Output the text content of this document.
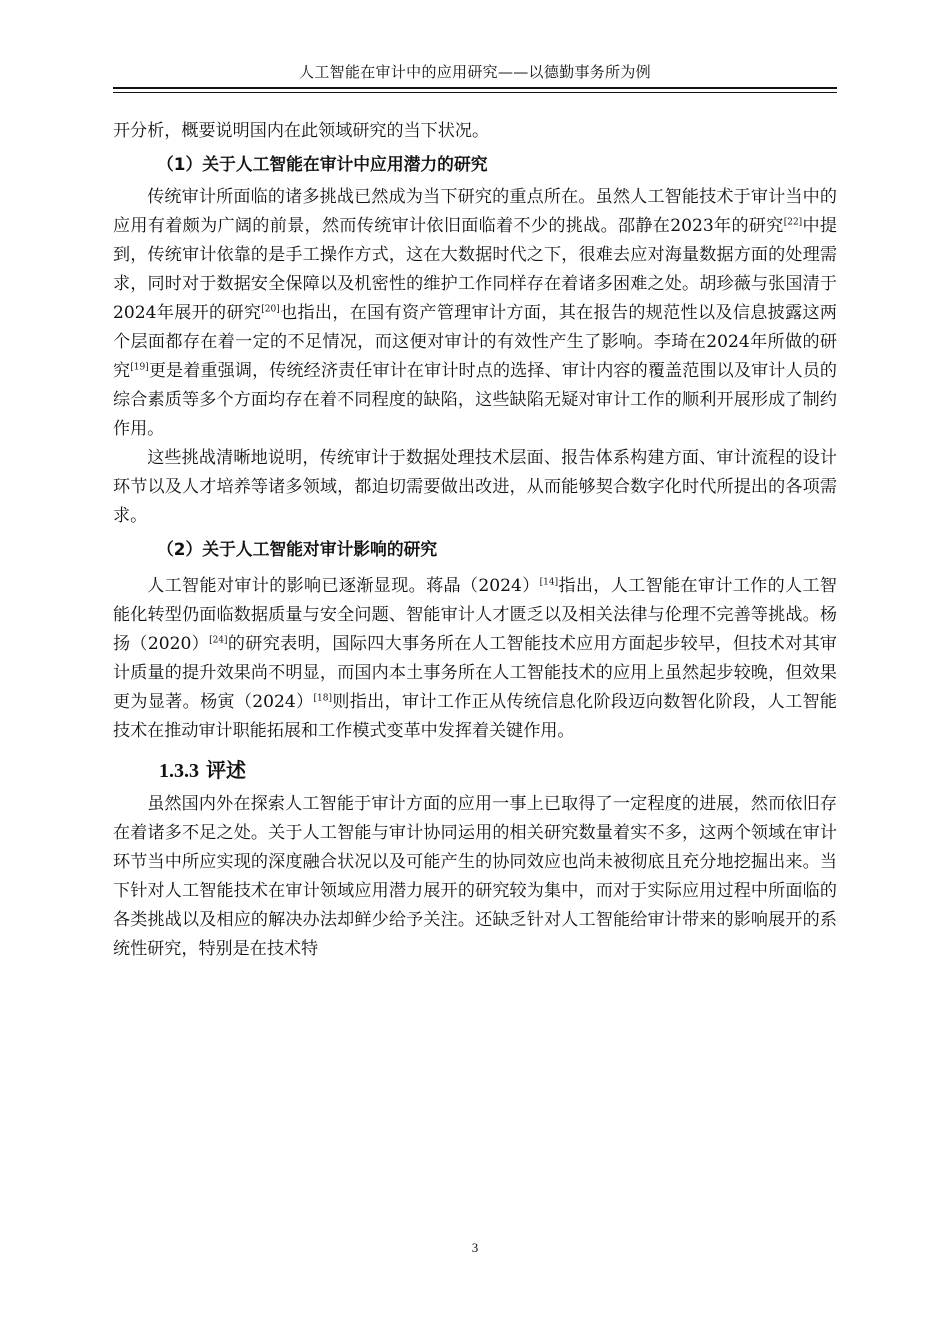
人工智能在审计中的应用研究——以德勤事务所为例

开分析，概要说明国内在此领域研究的当下状况。

（1）关于人工智能在审计中应用潜力的研究

传统审计所面临的诸多挑战已然成为当下研究的重点所在。虽然人工智能技术于审计当中的应用有着颇为广阔的前景，然而传统审计依旧面临着不少的挑战。邵静在2023年的研究[22]中提到，传统审计依靠的是手工操作方式，这在大数据时代之下，很难去应对海量数据方面的处理需求，同时对于数据安全保障以及机密性的维护工作同样存在着诸多困难之处。胡珍薇与张国清于2024年展开的研究[20]也指出，在国有资产管理审计方面，其在报告的规范性以及信息披露这两个层面都存在着一定的不足情况，而这便对审计的有效性产生了影响。李琦在2024年所做的研究[19]更是着重强调，传统经济责任审计在审计时点的选择、审计内容的覆盖范围以及审计人员的综合素质等多个方面均存在着不同程度的缺陷，这些缺陷无疑对审计工作的顺利开展形成了制约作用。

这些挑战清晰地说明，传统审计于数据处理技术层面、报告体系构建方面、审计流程的设计环节以及人才培养等诸多领域，都迫切需要做出改进，从而能够契合数字化时代所提出的各项需求。

（2）关于人工智能对审计影响的研究

人工智能对审计的影响已逐渐显现。蒋晶（2024）[14]指出，人工智能在审计工作的人工智能化转型仍面临数据质量与安全问题、智能审计人才匮乏以及相关法律与伦理不完善等挑战。杨扬（2020）[24]的研究表明，国际四大事务所在人工智能技术应用方面起步较早，但技术对其审计质量的提升效果尚不明显，而国内本土事务所在人工智能技术的应用上虽然起步较晚，但效果更为显著。杨寅（2024）[18]则指出，审计工作正从传统信息化阶段迈向数智化阶段，人工智能技术在推动审计职能拓展和工作模式变革中发挥着关键作用。

1.3.3 评述

虽然国内外在探索人工智能于审计方面的应用一事上已取得了一定程度的进展，然而依旧存在着诸多不足之处。关于人工智能与审计协同运用的相关研究数量着实不多，这两个领域在审计环节当中所应实现的深度融合状况以及可能产生的协同效应也尚未被彻底且充分地挖掘出来。当下针对人工智能技术在审计领域应用潜力展开的研究较为集中，而对于实际应用过程中所面临的各类挑战以及相应的解决办法却鲜少给予关注。还缺乏针对人工智能给审计带来的影响展开的系统性研究，特别是在技术特

3
